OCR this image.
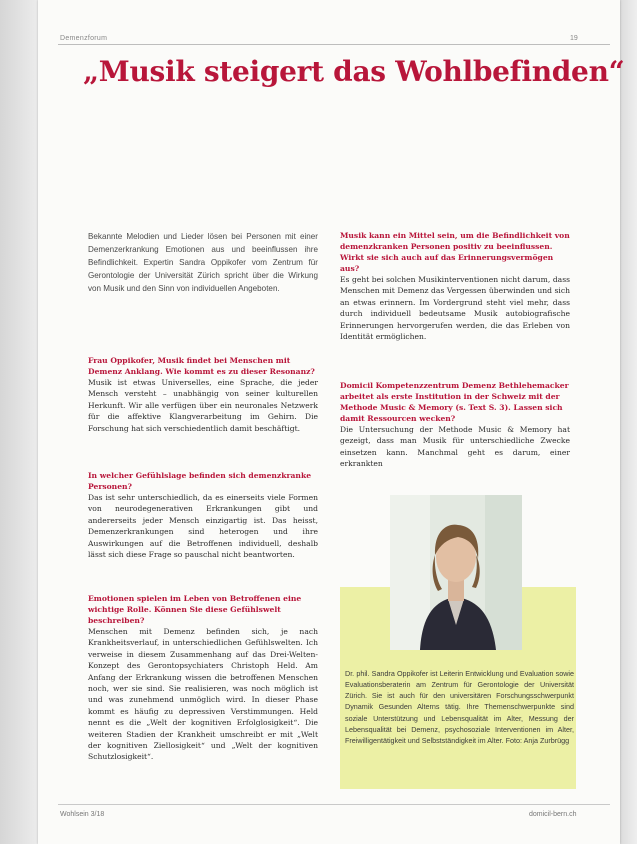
Demenzforum	19
„Musik steigert das Wohlbefinden“
Bekannte Melodien und Lieder lösen bei Personen mit einer Demenzerkrankung Emotionen aus und beeinflussen ihre Befindlichkeit. Expertin Sandra Oppikofer vom Zentrum für Gerontologie der Universität Zürich spricht über die Wirkung von Musik und den Sinn von individuellen Angeboten.

Frau Oppikofer, Musik findet bei Menschen mit Demenz Anklang. Wie kommt es zu dieser Resonanz?

Musik ist etwas Universelles, eine Sprache, die jeder Mensch versteht – unabhängig von seiner kulturellen Herkunft. Wir alle verfügen über ein neuronales Netzwerk für die affektive Klangverarbeitung im Gehirn. Die Forschung hat sich verschiedentlich damit beschäftigt.

In welcher Gefühlslage befinden sich demenzkranke Personen?

Das ist sehr unterschiedlich, da es einerseits viele Formen von neurodegenerativen Erkrankungen gibt und andererseits jeder Mensch einzigartig ist. Das heisst, Demenzerkrankungen sind heterogen und ihre Auswirkungen auf die Betroffenen individuell, deshalb lässt sich diese Frage so pauschal nicht beantworten.

Emotionen spielen im Leben von Betroffenen eine wichtige Rolle. Können Sie diese Gefühlswelt beschreiben?

Menschen mit Demenz befinden sich, je nach Krankheitsverlauf, in unterschiedlichen Gefühlswelten. Ich verweise in diesem Zusammenhang auf das Drei-Welten-Konzept des Gerontopsychiaters Christoph Held. Am Anfang der Erkrankung wissen die betroffenen Menschen noch, wer sie sind. Sie realisieren, was noch möglich ist und was zunehmend unmöglich wird. In dieser Phase kommt es häufig zu depressiven Verstimmungen. Held nennt es die „Welt der kognitiven Erfolglosigkeit“. Die weiteren Stadien der Krankheit umschreibt er mit „Welt der kognitiven Ziellosigkeit“ und „Welt der kognitiven Schutzlosigkeit“.

Musik kann ein Mittel sein, um die Befindlichkeit von demenzkranken Personen positiv zu beeinflussen. Wirkt sie sich auch auf das Erinnerungsvermögen aus?

Es geht bei solchen Musikinterventionen nicht darum, dass Menschen mit Demenz das Vergessen überwinden und sich an etwas erinnern. Im Vordergrund steht viel mehr, dass durch individuell bedeutsame Musik autobiografische Erinnerungen hervorgerufen werden, die das Erleben von Identität ermöglichen.

Domicil Kompetenzzentrum Demenz Bethlehemacker arbeitet als erste Institution in der Schweiz mit der Methode Music & Memory (s. Text S. 3). Lassen sich damit Ressourcen wecken?

Die Untersuchung der Methode Music & Memory hat gezeigt, dass man Musik für unterschiedliche Zwecke einsetzen kann. Manchmal geht es darum, einer erkrankten

Dr. phil. Sandra Oppikofer ist Leiterin Entwicklung und Evaluation sowie Evaluationsberaterin am Zentrum für Gerontologie der Universität Zürich. Sie ist auch für den universitären Forschungsschwerpunkt Dynamik Gesunden Alterns tätig. Ihre Themenschwerpunkte sind soziale Unterstützung und Lebensqualität im Alter, Messung der Lebensqualität bei Demenz, psychosoziale Interventionen im Alter, Freiwilligentätigkeit und Selbstständigkeit im Alter. Foto: Anja Zurbrügg
Wohlsein 3/18	domicil-bern.ch
